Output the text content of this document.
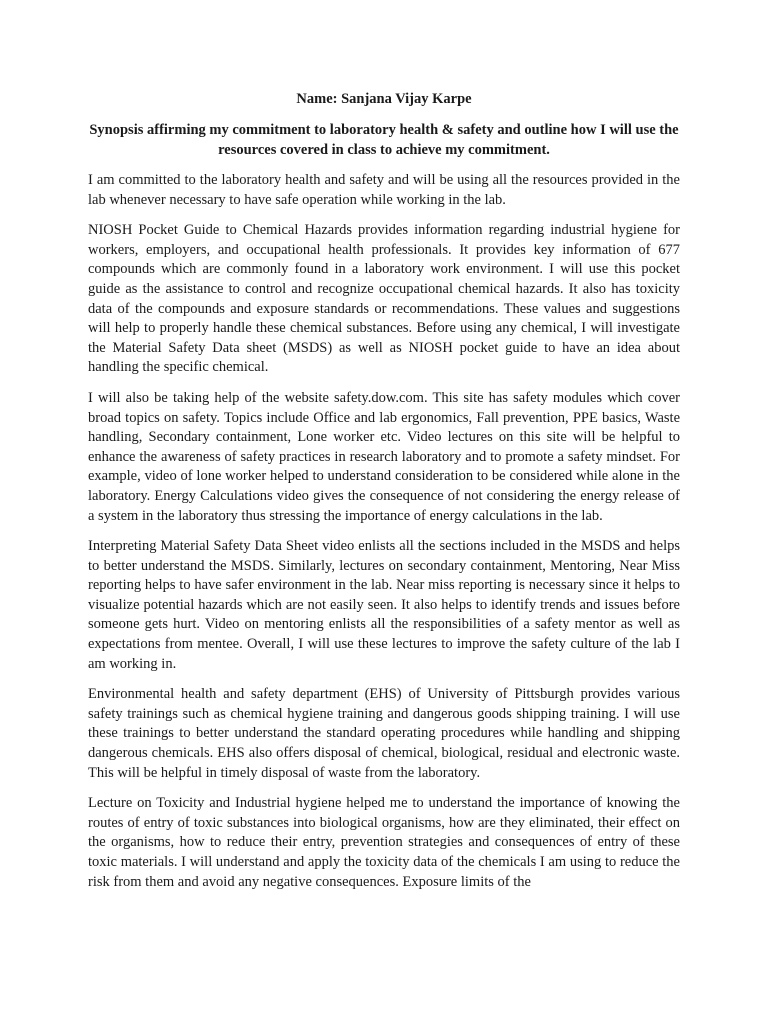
Name: Sanjana Vijay Karpe

Synopsis affirming my commitment to laboratory health & safety and outline how I will use the resources covered in class to achieve my commitment.

I am committed to the laboratory health and safety and will be using all the resources provided in the lab whenever necessary to have safe operation while working in the lab.

NIOSH Pocket Guide to Chemical Hazards provides information regarding industrial hygiene for workers, employers, and occupational health professionals. It provides key information of 677 compounds which are commonly found in a laboratory work environment. I will use this pocket guide as the assistance to control and recognize occupational chemical hazards. It also has toxicity data of the compounds and exposure standards or recommendations. These values and suggestions will help to properly handle these chemical substances. Before using any chemical, I will investigate the Material Safety Data sheet (MSDS) as well as NIOSH pocket guide to have an idea about handling the specific chemical.

I will also be taking help of the website safety.dow.com. This site has safety modules which cover broad topics on safety. Topics include Office and lab ergonomics, Fall prevention, PPE basics, Waste handling, Secondary containment, Lone worker etc. Video lectures on this site will be helpful to enhance the awareness of safety practices in research laboratory and to promote a safety mindset. For example, video of lone worker helped to understand consideration to be considered while alone in the laboratory. Energy Calculations video gives the consequence of not considering the energy release of a system in the laboratory thus stressing the importance of energy calculations in the lab.

Interpreting Material Safety Data Sheet video enlists all the sections included in the MSDS and helps to better understand the MSDS. Similarly, lectures on secondary containment, Mentoring, Near Miss reporting helps to have safer environment in the lab. Near miss reporting is necessary since it helps to visualize potential hazards which are not easily seen. It also helps to identify trends and issues before someone gets hurt. Video on mentoring enlists all the responsibilities of a safety mentor as well as expectations from mentee. Overall, I will use these lectures to improve the safety culture of the lab I am working in.

Environmental health and safety department (EHS) of University of Pittsburgh provides various safety trainings such as chemical hygiene training and dangerous goods shipping training. I will use these trainings to better understand the standard operating procedures while handling and shipping dangerous chemicals. EHS also offers disposal of chemical, biological, residual and electronic waste. This will be helpful in timely disposal of waste from the laboratory.

Lecture on Toxicity and Industrial hygiene helped me to understand the importance of knowing the routes of entry of toxic substances into biological organisms, how are they eliminated, their effect on the organisms, how to reduce their entry, prevention strategies and consequences of entry of these toxic materials. I will understand and apply the toxicity data of the chemicals I am using to reduce the risk from them and avoid any negative consequences. Exposure limits of the
